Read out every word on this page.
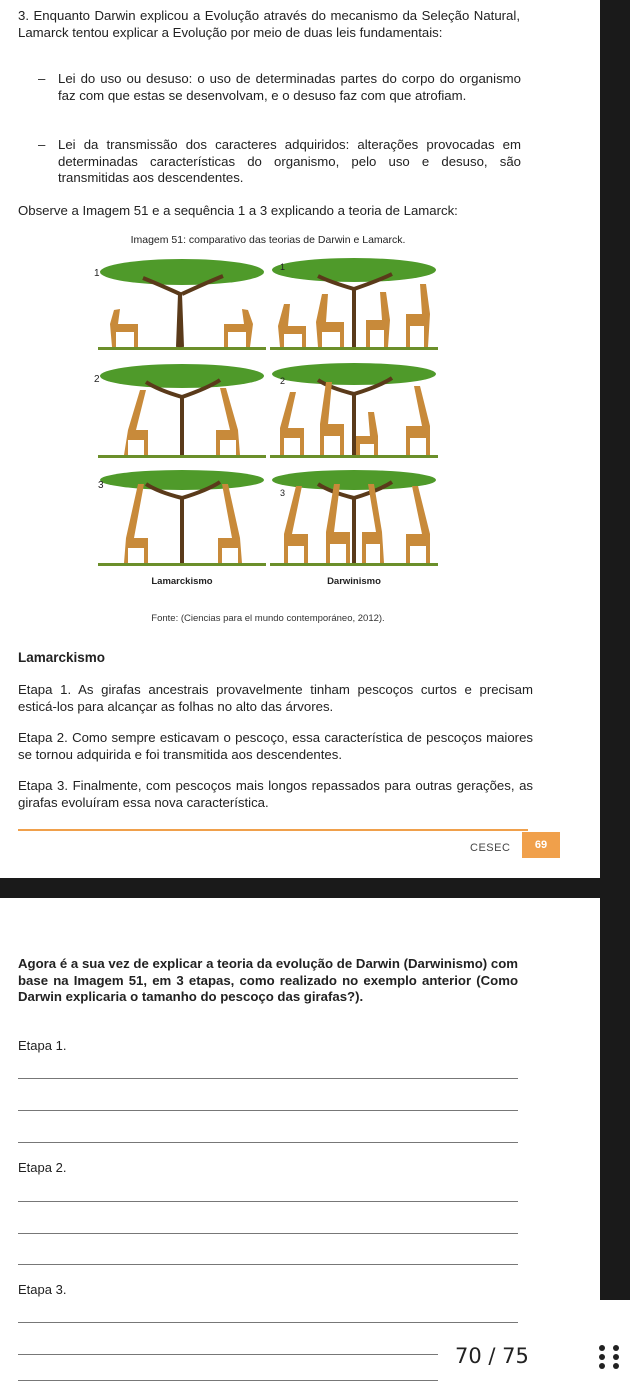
3. Enquanto Darwin explicou a Evolução através do mecanismo da Seleção Natural, Lamarck tentou explicar a Evolução por meio de duas leis fundamentais:

– Lei do uso ou desuso: o uso de determinadas partes do corpo do organismo faz com que estas se desenvolvam, e o desuso faz com que atrofiam.

– Lei da transmissão dos caracteres adquiridos: alterações provocadas em determinadas características do organismo, pelo uso e desuso, são transmitidas aos descendentes.

Observe a Imagem 51 e a sequência 1 a 3 explicando a teoria de Lamarck:

Imagem 51: comparativo das teorias de Darwin e Lamarck.
1
1
2	2
3
3
Lamarckismo	Darwinismo
Fonte: (Ciencias para el mundo contemporáneo, 2012).
Lamarckismo

Etapa 1. As girafas ancestrais provavelmente tinham pescoços curtos e precisam esticá-los para alcançar as folhas no alto das árvores.

Etapa 2. Como sempre esticavam o pescoço, essa característica de pescoços maiores se tornou adquirida e foi transmitida aos descendentes.

Etapa 3. Finalmente, com pescoços mais longos repassados para outras gerações, as girafas evoluíram essa nova característica.

CESEC	69

Agora é a sua vez de explicar a teoria da evolução de Darwin (Darwinismo) com base na Imagem 51, em 3 etapas, como realizado no exemplo anterior (Como Darwin explicaria o tamanho do pescoço das girafas?).

Etapa 1.
Etapa 2.
Etapa 3.
70 / 75
